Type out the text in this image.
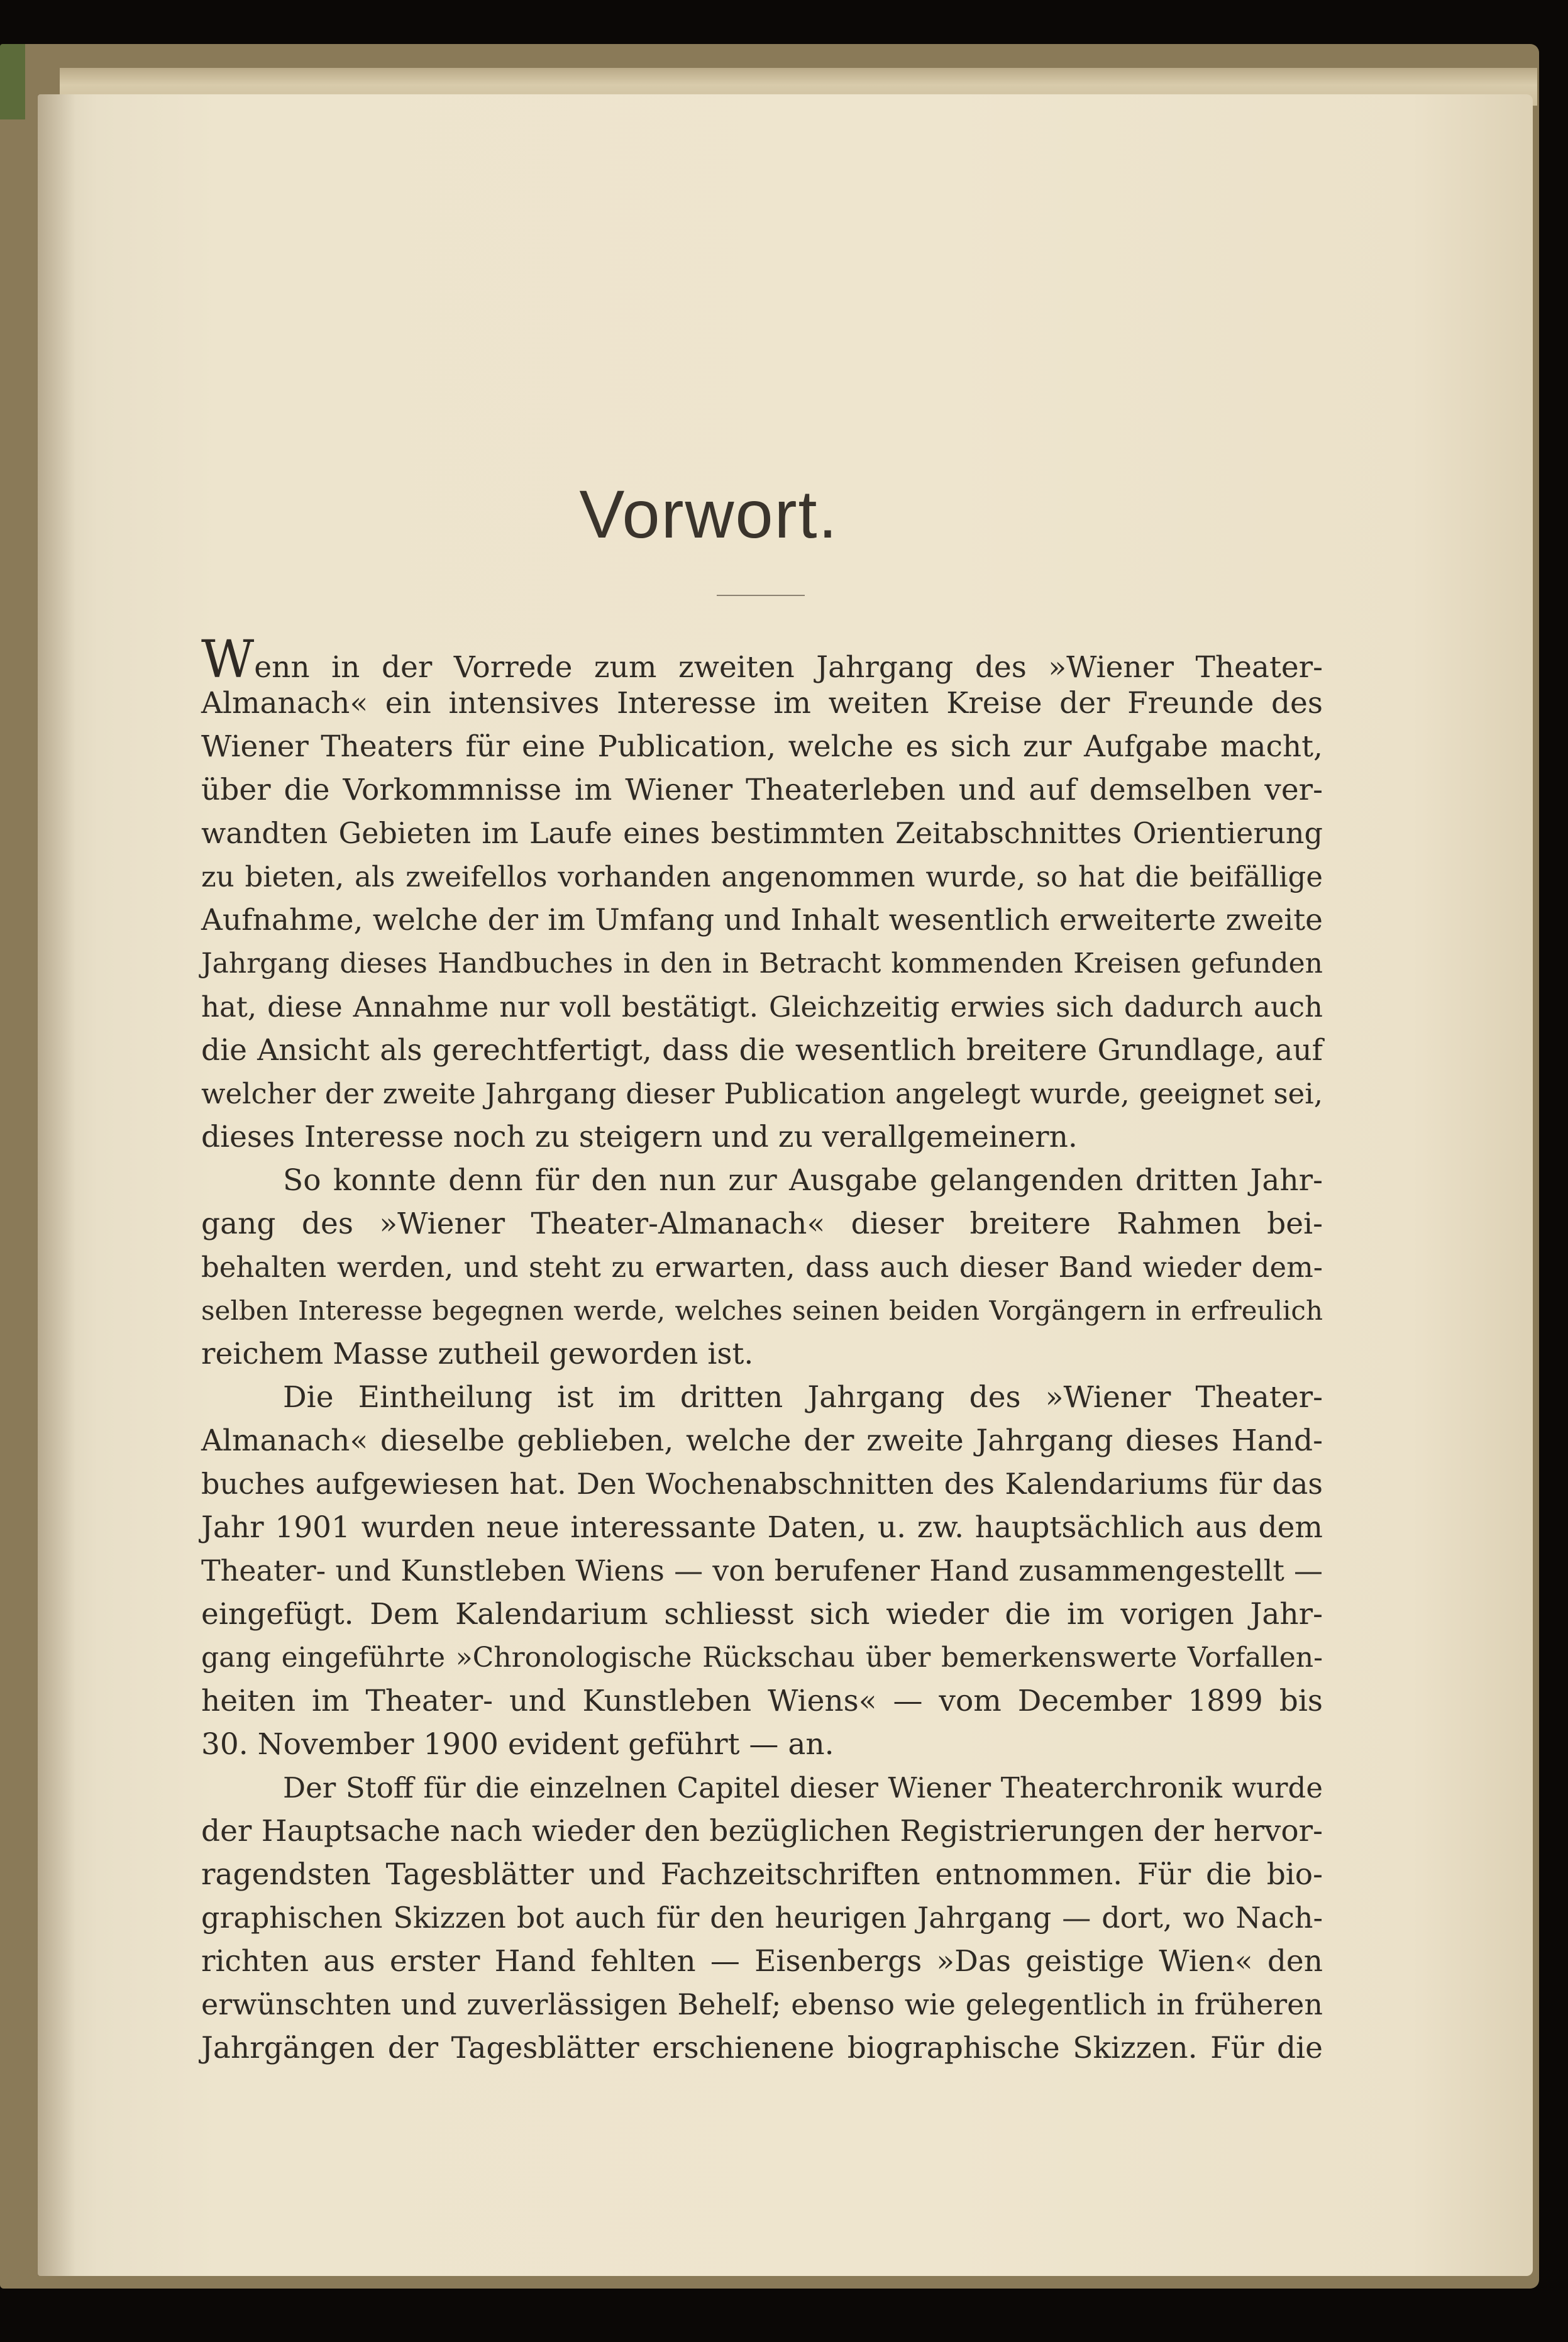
Vorwort.
Wenn in der Vorrede zum zweiten Jahrgang des »Wiener Theater-
Almanach« ein intensives Interesse im weiten Kreise der Freunde des
Wiener Theaters für eine Publication, welche es sich zur Aufgabe macht,
über die Vorkommnisse im Wiener Theaterleben und auf demselben ver-
wandten Gebieten im Laufe eines bestimmten Zeitabschnittes Orientierung
zu bieten, als zweifellos vorhanden angenommen wurde, so hat die beifällige
Aufnahme, welche der im Umfang und Inhalt wesentlich erweiterte zweite
Jahrgang dieses Handbuches in den in Betracht kommenden Kreisen gefunden
hat, diese Annahme nur voll bestätigt. Gleichzeitig erwies sich dadurch auch
die Ansicht als gerechtfertigt, dass die wesentlich breitere Grundlage, auf
welcher der zweite Jahrgang dieser Publication angelegt wurde, geeignet sei,
dieses Interesse noch zu steigern und zu verallgemeinern.
So konnte denn für den nun zur Ausgabe gelangenden dritten Jahr-
gang des »Wiener Theater-Almanach« dieser breitere Rahmen bei-
behalten werden, und steht zu erwarten, dass auch dieser Band wieder dem-
selben Interesse begegnen werde, welches seinen beiden Vorgängern in erfreulich
reichem Masse zutheil geworden ist.
Die Eintheilung ist im dritten Jahrgang des »Wiener Theater-
Almanach« dieselbe geblieben, welche der zweite Jahrgang dieses Hand-
buches aufgewiesen hat. Den Wochenabschnitten des Kalendariums für das
Jahr 1901 wurden neue interessante Daten, u. zw. hauptsächlich aus dem
Theater- und Kunstleben Wiens — von berufener Hand zusammengestellt —
eingefügt. Dem Kalendarium schliesst sich wieder die im vorigen Jahr-
gang eingeführte »Chronologische Rückschau über bemerkenswerte Vorfallen-
heiten im Theater- und Kunstleben Wiens« — vom December 1899 bis
30. November 1900 evident geführt — an.
Der Stoff für die einzelnen Capitel dieser Wiener Theaterchronik wurde
der Hauptsache nach wieder den bezüglichen Registrierungen der hervor-
ragendsten Tagesblätter und Fachzeitschriften entnommen. Für die bio-
graphischen Skizzen bot auch für den heurigen Jahrgang — dort, wo Nach-
richten aus erster Hand fehlten — Eisenbergs »Das geistige Wien« den
erwünschten und zuverlässigen Behelf; ebenso wie gelegentlich in früheren
Jahrgängen der Tagesblätter erschienene biographische Skizzen. Für die
